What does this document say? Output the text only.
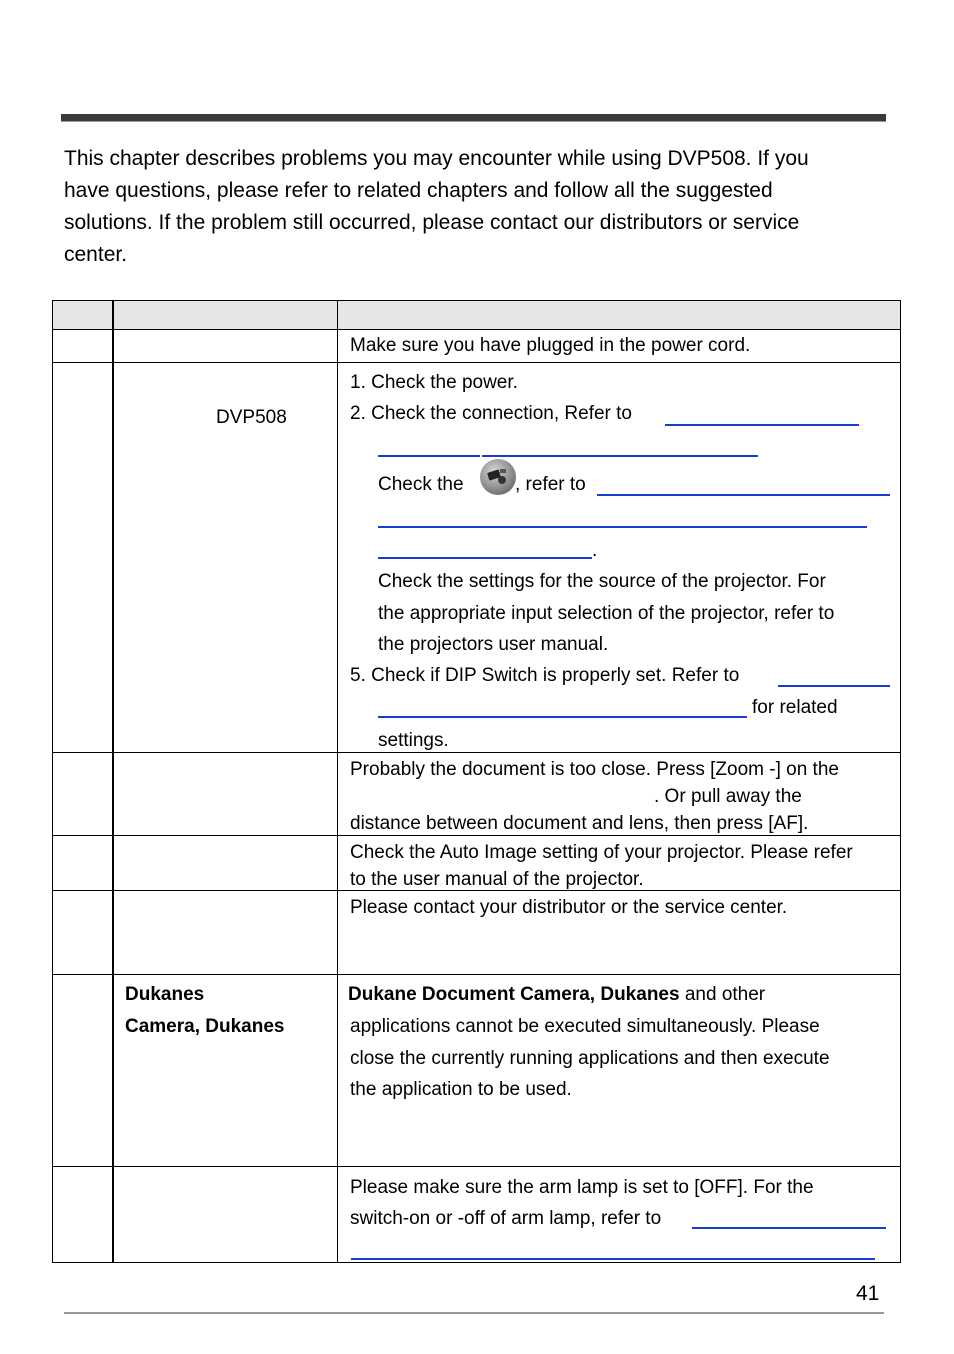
This chapter describes problems you may encounter while using DVP508. If you
have questions, please refer to related chapters and follow all the suggested
solutions. If the problem still occurred, please contact our distributors or service
center.
Make sure you have plugged in the power cord.
DVP508
1. Check the power.
2. Check the connection, Refer to
Check the	, refer to
.
Check the settings for the source of the projector. For
the appropriate input selection of the projector, refer to
the projectors user manual.
5. Check if DIP Switch is properly set. Refer to
for related
settings.
Probably the document is too close. Press [Zoom -] on the
. Or pull away the
distance between document and lens, then press [AF].
Check the Auto Image setting of your projector. Please refer
to the user manual of the projector.
Please contact your distributor or the service center.
Dukanes
Camera, Dukanes
Dukane Document Camera, Dukanes and other
applications cannot be executed simultaneously. Please
close the currently running applications and then execute
the application to be used.
Please make sure the arm lamp is set to [OFF]. For the
switch-on or -off of arm lamp, refer to
41
